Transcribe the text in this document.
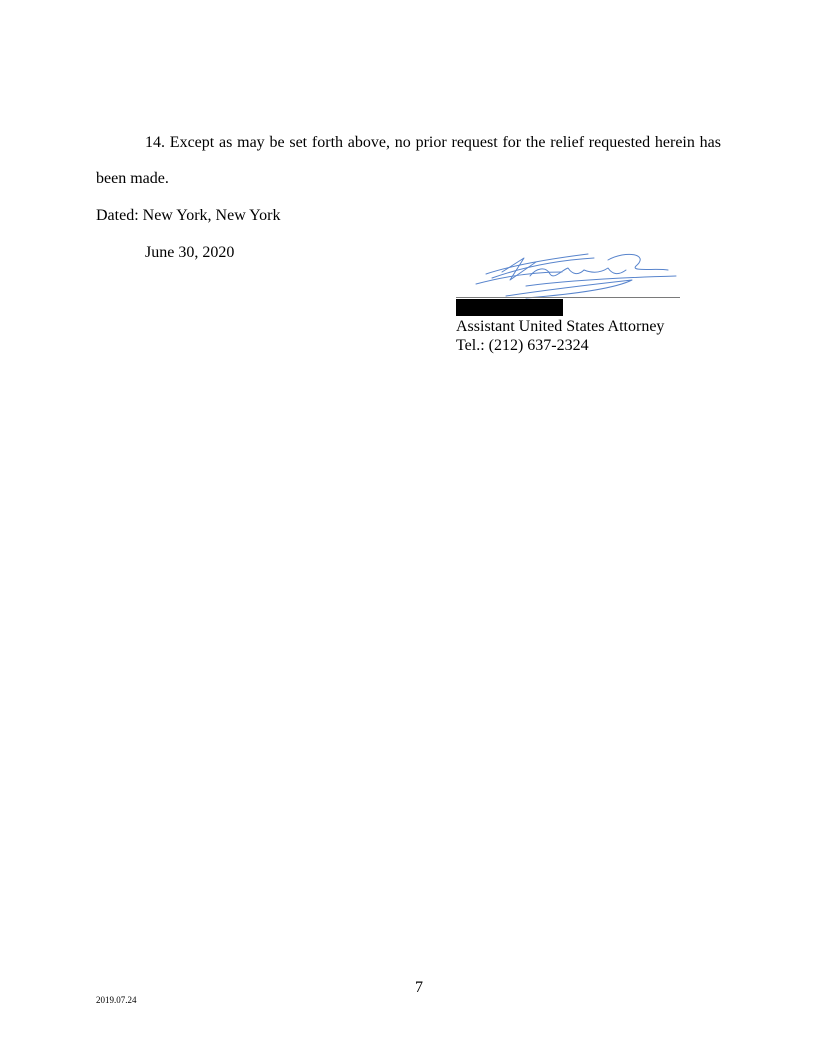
14. Except as may be set forth above, no prior request for the relief requested herein has
been made.
Dated: New York, New York
June 30, 2020
Assistant United States Attorney
Tel.: (212) 637-2324
7
2019.07.24
